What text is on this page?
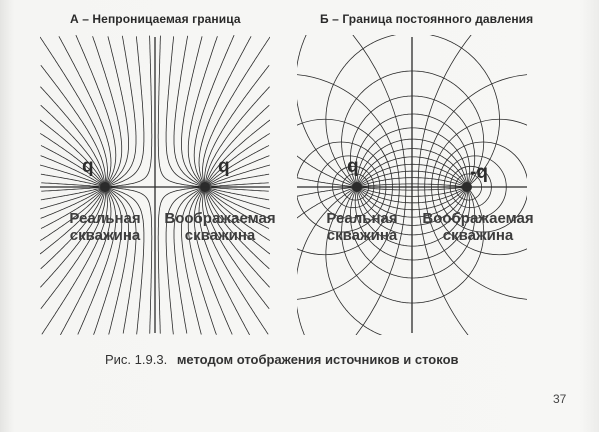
А – Непроницаемая граница	Б – Граница постоянного давления
q	q	q	-q
Реальная
скважина
Воображаемая
скважина
Реальная
скважина
Воображаемая
скважина
Рис. 1.9.3. методом отображения источников и стоков
37
